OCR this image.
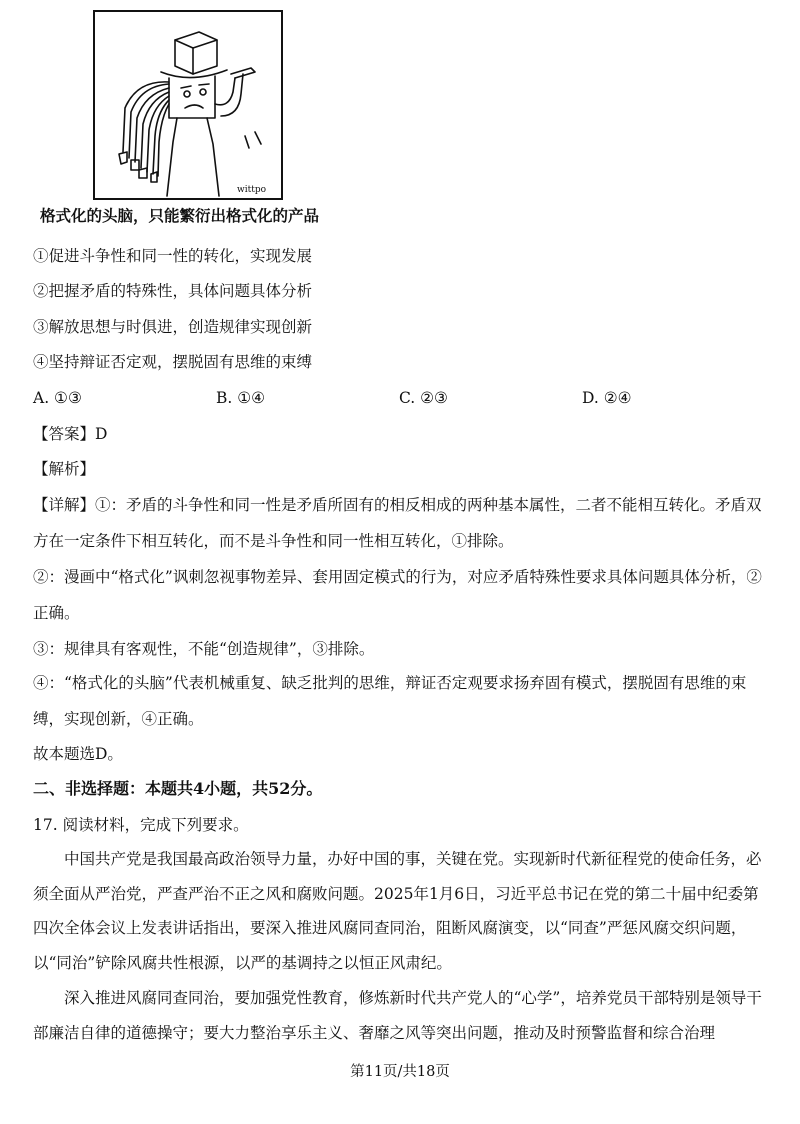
wittpo
格式化的头脑，只能繁衍出格式化的产品
①促进斗争性和同一性的转化，实现发展
②把握矛盾的特殊性，具体问题具体分析
③解放思想与时俱进，创造规律实现创新
④坚持辩证否定观，摆脱固有思维的束缚
A. ①③	B. ①④	C. ②③	D. ②④
【答案】D
【解析】
【详解】①：矛盾的斗争性和同一性是矛盾所固有的相反相成的两种基本属性，二者不能相互转化。矛盾双方在一定条件下相互转化，而不是斗争性和同一性相互转化，①排除。
②：漫画中“格式化”讽刺忽视事物差异、套用固定模式的行为，对应矛盾特殊性要求具体问题具体分析，②正确。
③：规律具有客观性，不能“创造规律”，③排除。
④：“格式化的头脑”代表机械重复、缺乏批判的思维，辩证否定观要求扬弃固有模式，摆脱固有思维的束缚，实现创新，④正确。
故本题选D。
二、非选择题：本题共4小题，共52分。
17. 阅读材料，完成下列要求。
中国共产党是我国最高政治领导力量，办好中国的事，关键在党。实现新时代新征程党的使命任务，必须全面从严治党，严查严治不正之风和腐败问题。2025年1月6日，习近平总书记在党的第二十届中纪委第四次全体会议上发表讲话指出，要深入推进风腐同查同治，阻断风腐演变，以“同查”严惩风腐交织问题，以“同治”铲除风腐共性根源，以严的基调持之以恒正风肃纪。
深入推进风腐同查同治，要加强党性教育，修炼新时代共产党人的“心学”，培养党员干部特别是领导干部廉洁自律的道德操守；要大力整治享乐主义、奢靡之风等突出问题，推动及时预警监督和综合治理
第11页/共18页
